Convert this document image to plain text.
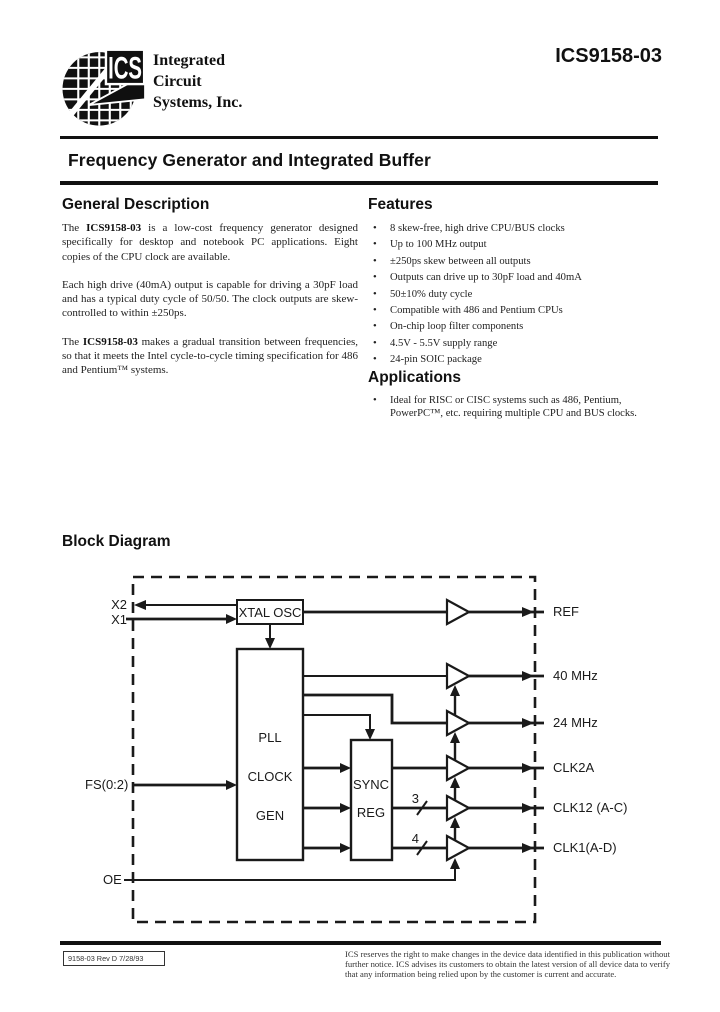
ICS Integrated
Circuit
Systems, Inc.
ICS9158-03
Frequency Generator and Integrated Buffer
General Description

The ICS9158-03 is a low-cost frequency generator designed specifically for desktop and notebook PC applications. Eight copies of the CPU clock are available.

Each high drive (40mA) output is capable for driving a 30pF load and has a typical duty cycle of 50/50. The clock outputs are skew-controlled to within ±250ps.

The ICS9158-03 makes a gradual transition between frequencies, so that it meets the Intel cycle-to-cycle timing specification for 486 and Pentium™ systems.

Features
• 8 skew-free, high drive CPU/BUS clocks
• Up to 100 MHz output
• ±250ps skew between all outputs
• Outputs can drive up to 30pF load and 40mA
• 50±10% duty cycle
• Compatible with 486 and Pentium CPUs
• On-chip loop filter components
• 4.5V - 5.5V supply range
• 24-pin SOIC package
Applications
• Ideal for RISC or CISC systems such as 486, Pentium, PowerPC™, etc. requiring multiple CPU and BUS clocks.
Block Diagram
X2
X1	XTAL OSC
PLL
CLOCK
GEN
SYNC
REG
FS(0:2)
OE
3
4
REF
40 MHz
24 MHz
CLK2A
CLK12 (A-C)
CLK1(A-D)
9158-03 Rev D 7/28/93	ICS reserves the right to make changes in the device data identified in this publication without further notice. ICS advises its customers to obtain the latest version of all device data to verify that any information being relied upon by the customer is current and accurate.
